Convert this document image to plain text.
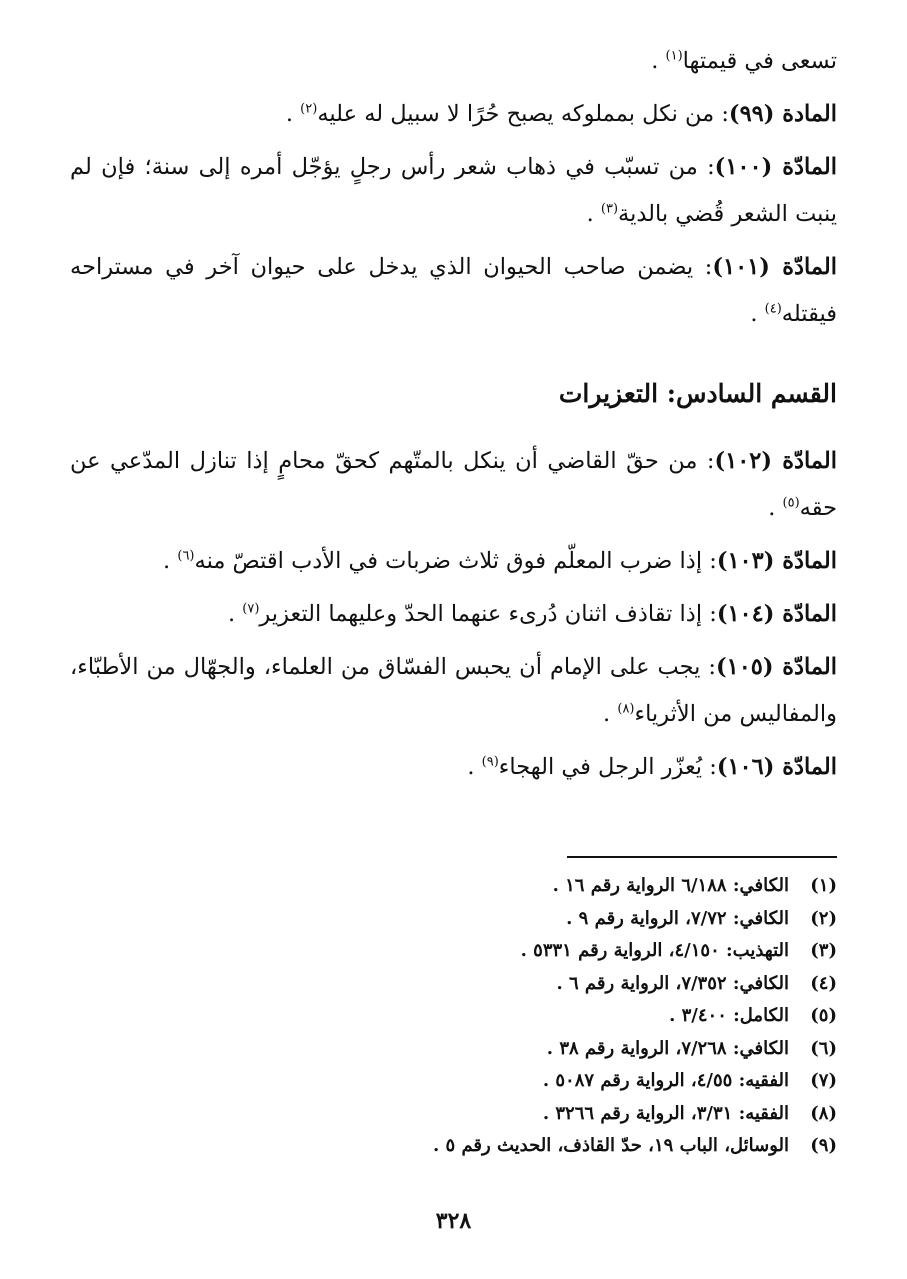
تسعى في قيمتها$^{(١)}$ .

المادة (٩٩): من نكل بمملوكه يصبح حُرًا لا سبيل له عليه$^{(٢)}$ .

المادّة (١٠٠): من تسبّب في ذهاب شعر رأس رجلٍ يؤجّل أمره إلى سنة؛ فإن لم ينبت الشعر قُضي بالدية$^{(٣)}$ .

المادّة (١٠١): يضمن صاحب الحيوان الذي يدخل على حيوان آخر في مستراحه فيقتله$^{(٤)}$ .

القسم السادس: التعزيرات

المادّة (١٠٢): من حقّ القاضي أن ينكل بالمتّهم كحقّ محامٍ إذا تنازل المدّعي عن حقه$^{(٥)}$ .

المادّة (١٠٣): إذا ضرب المعلّم فوق ثلاث ضربات في الأدب اقتصّ منه$^{(٦)}$ .

المادّة (١٠٤): إذا تقاذف اثنان دُرىء عنهما الحدّ وعليهما التعزير$^{(٧)}$ .

المادّة (١٠٥): يجب على الإمام أن يحبس الفسّاق من العلماء، والجهّال من الأطبّاء، والمفاليس من الأثرياء$^{(٨)}$ .

المادّة (١٠٦): يُعزّر الرجل في الهجاء$^{(٩)}$ .

(١)
الكافي: ٦/١٨٨ الرواية رقم ١٦ .
(٢)
الكافي: ٧/٧٢، الرواية رقم ٩ .
(٣)
التهذيب: ٤/١٥٠، الرواية رقم ٥٣٣١ .
(٤)
الكافي: ٧/٣٥٢، الرواية رقم ٦ .
(٥)
الكامل: ٣/٤٠٠ .
(٦)
الكافي: ٧/٢٦٨، الرواية رقم ٣٨ .
(٧)
الفقيه: ٤/٥٥، الرواية رقم ٥٠٨٧ .
(٨)
الفقيه: ٣/٣١، الرواية رقم ٣٢٦٦ .
(٩)
الوسائل، الباب ١٩، حدّ القاذف، الحديث رقم ٥ .
٣٢٨
